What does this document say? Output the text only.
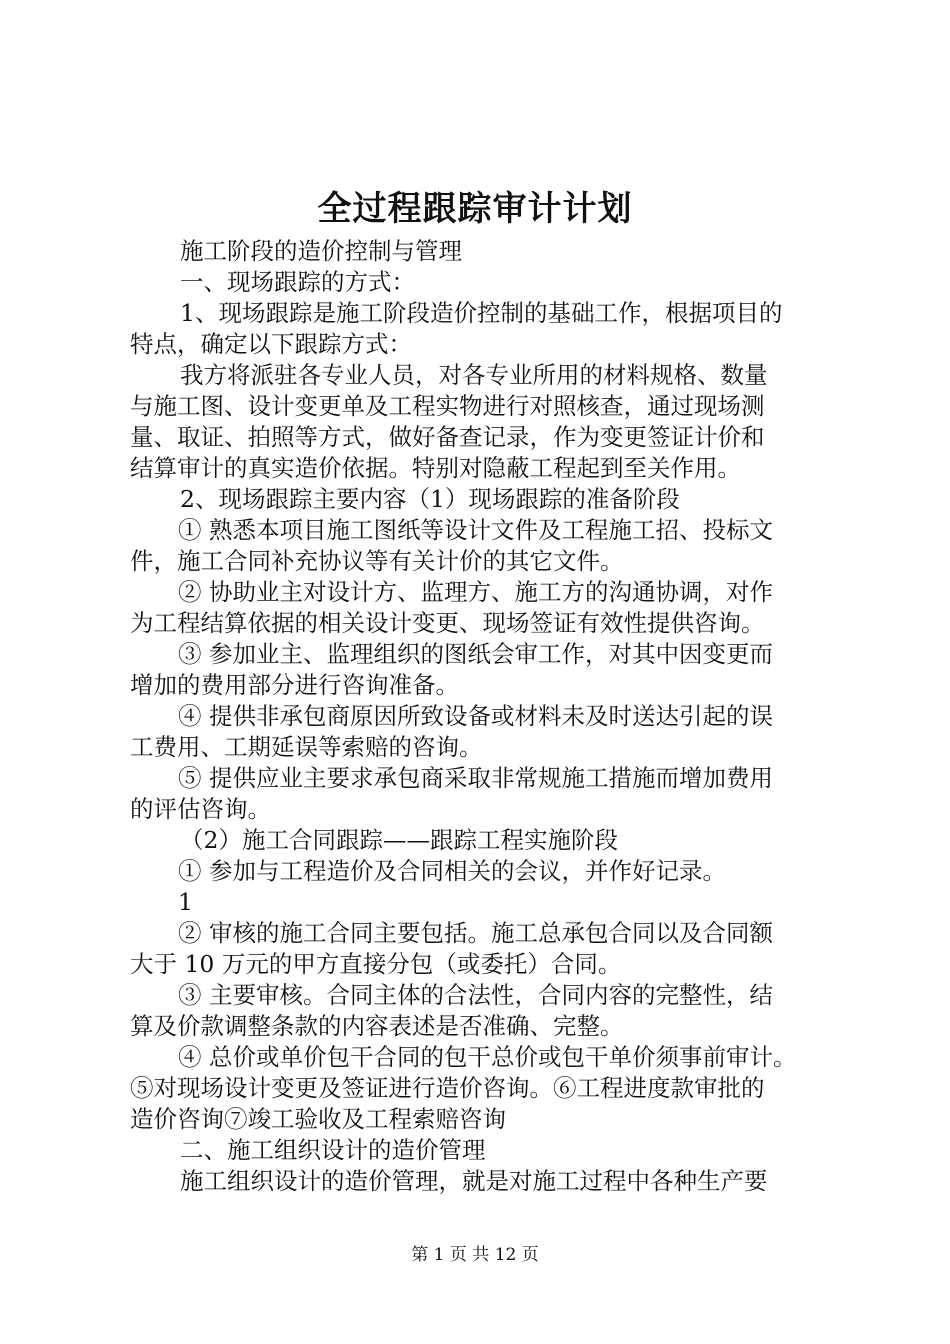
全过程跟踪审计计划
施工阶段的造价控制与管理
一、现场跟踪的方式：
1、现场跟踪是施工阶段造价控制的基础工作，根据项目的
特点，确定以下跟踪方式：
我方将派驻各专业人员，对各专业所用的材料规格、数量
与施工图、设计变更单及工程实物进行对照核查，通过现场测
量、取证、拍照等方式，做好备查记录，作为变更签证计价和
结算审计的真实造价依据。特别对隐蔽工程起到至关作用。
2、现场跟踪主要内容（1）现场跟踪的准备阶段
① 熟悉本项目施工图纸等设计文件及工程施工招、投标文
件，施工合同补充协议等有关计价的其它文件。
② 协助业主对设计方、监理方、施工方的沟通协调，对作
为工程结算依据的相关设计变更、现场签证有效性提供咨询。
③ 参加业主、监理组织的图纸会审工作，对其中因变更而
增加的费用部分进行咨询准备。
④ 提供非承包商原因所致设备或材料未及时送达引起的误
工费用、工期延误等索赔的咨询。
⑤ 提供应业主要求承包商采取非常规施工措施而增加费用
的评估咨询。
（2）施工合同跟踪——跟踪工程实施阶段
① 参加与工程造价及合同相关的会议，并作好记录。
1
② 审核的施工合同主要包括。施工总承包合同以及合同额
大于 10 万元的甲方直接分包（或委托）合同。
③ 主要审核。合同主体的合法性，合同内容的完整性，结
算及价款调整条款的内容表述是否准确、完整。
④ 总价或单价包干合同的包干总价或包干单价须事前审计。
⑤对现场设计变更及签证进行造价咨询。⑥工程进度款审批的
造价咨询⑦竣工验收及工程索赔咨询
二、施工组织设计的造价管理
施工组织设计的造价管理，就是对施工过程中各种生产要
第 1 页 共 12 页
